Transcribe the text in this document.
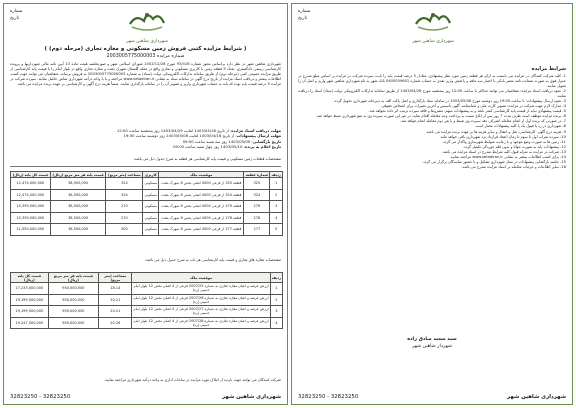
شماره
تاریخ
شهرداری شاهین شهر
( شرایط مزایده کتبی فروش زمین مسکونی و مغازه تجاری (مرحله دوم) )
شماره مزایده 2003005775000003
شهرداری شاهین شهر در نظر دارد براساس مجوز شماره 93/416 مورخ 1402/12/28 شورای اسلامی شهر و صورتجلسه هیئت ماده 13 آیین نامه مالی شهرداریها و پرونده کارشناسی رسمی دادگستری، تعداد 5 قطعه زمین با کاربری مسکونی و تجاری واقع در محله گلستان شهرک بعثت و مغازه تجاری واقع در بلوار امام را با قیمت پایه کارشناسی از طریق مزایده عمومی کتبی (مرحله دوم) از طریق سامانه تدارکات الکترونیکی دولت (ستاد) به شماره 2003005775000003 به فروش برساند. متقاضیان می توانند جهت کسب اطلاعات بیشتر و دریافت اسناد مزایده از تاریخ درج آگهی در سامانه ستاد به نشانی www.setadiran.ir مراجعه و یا با واحد درآمد شهرداری تماس حاصل نمایند. سپرده شرکت در مزایده 5 درصد قیمت پایه بوده که باید به حساب شهرداری واریز و تصویر آن را در سامانه بارگذاری نمایند. ضمناً هزینه درج آگهی و کارشناسی بر عهده برنده مزایده می باشد.
مهلت دریافت اسناد مزایده: از تاریخ 1403/04/18 لغایت 1403/04/29 روز پنجشنبه ساعت 12:00
مهلت ارسال پیشنهادات: از تاریخ 1403/04/18 لغایت 1403/05/08 روز دوشنبه ساعت 19:00
تاریخ بازگشایی: 1403/05/09 روز سه شنبه ساعت 09:00
تاریخ اعلام به برنده: 1403/05/10 روز چهار شنبه ساعت 09:00
مشخصات قطعات زمین مسکونی و قیمت پایه کارشناسی هر قطعه به شرح جدول ذیل می باشد:
ردیف	شماره قطعه	موقعیت ملک	کاربری	مساحت (متر مربع)	قیمت پایه هر متر مربع (ریال)	قیمت کل پایه (ریال)
1	325	قطعه 325 از فرعی 4000 اصلی بخش 6 شهرک بعثت	مسکونی	324	38,500,000	12,474,000,000
2	324	قطعه 324 از فرعی 4000 اصلی بخش 6 شهرک بعثت	مسکونی	324	38,500,000	12,474,000,000
3	279	قطعه 279 از فرعی 4000 اصلی بخش 6 شهرک بعثت	مسکونی	270	38,500,000	10,395,000,000
4	278	قطعه 278 از فرعی 4000 اصلی بخش 6 شهرک بعثت	مسکونی	270	38,500,000	10,395,000,000
5	277	قطعه 277 از فرعی 4000 اصلی بخش 6 شهرک بعثت	مسکونی	300	38,500,000	11,550,000,000
مشخصات مغازه های تجاری و قیمت پایه کارشناسی هر باب به شرح جدول ذیل می باشد:
ردیف	موقعیت ملک	مساحت (متر مربع)	قیمت پایه هر متر مربع (ریال)	قیمت کل پایه (ریال)
1	ارزش عرصه و اعیان مغازه تجاری به شماره 2007/25 فرعی از 4 اصلی بخش 12 بلوار امام خمینی (ره)	18.14	950,000,000	17,233,000,000
2	ارزش عرصه و اعیان مغازه تجاری به شماره 2007/26 فرعی از 4 اصلی بخش 12 بلوار امام خمینی (ره)	20.21	950,000,000	19,199,500,000
3	ارزش عرصه و اعیان مغازه تجاری به شماره 2007/27 فرعی از 4 اصلی بخش 12 بلوار امام خمینی (ره)	20.21	950,000,000	19,199,500,000
4	ارزش عرصه و اعیان مغازه تجاری به شماره 2007/28 فرعی از 4 اصلی بخش 12 بلوار امام خمینی (ره)	20.26	950,000,000	19,247,000,000
شرکت کنندگان می توانند جهت بازدید از املاک مورد مزایده در ساعات اداری به واحد درآمد شهرداری مراجعه نمایند.
شهرداری شاهین شهر
32823250 - 32823250
شماره
تاریخ
شهرداری شاهین شهر
شرایط مزایده
1- کلیه شرکت کنندگان در مزایده می بایست به ازای هر قطعه زمین مورد نظر پیشنهادی، معادل 5 درصد قیمت پایه را بابت سپرده شرکت در مزایده بر اساس مبلغ مندرج در جدول فوق به صورت ضمانت نامه معتبر بانکی یا اختیار سه ماهه و یا فیش واریز نقدی به حساب شماره 0405059601 بانک شهر به نام شهرداری شاهین شهر واریز و اصل آن را تحویل نمایند.
2- نحوه دریافت اسناد مزایده: متقاضیان می توانند حداکثر تا ساعت 12:00 روز پنجشنبه مورخ 1403/04/28 از طریق سامانه تدارکات الکترونیکی دولت (ستاد) اسناد را دریافت نمایند.
3- نحوه ارسال پیشنهادات: تا ساعت 19:00 روز دوشنبه مورخ 1403/05/08 در سامانه ستاد بارگذاری و اصل پاکت الف به دبیرخانه شهرداری تحویل گردد.
4- مدارک لازم جهت شرکت در مزایده: تصویر کارت ملی و شناسنامه، آگهی تأسیس و آخرین تغییرات برای اشخاص حقوقی.
5- قیمت پیشنهادی نباید از قیمت پایه کارشناسی کمتر باشد و به پیشنهادات مبهم، مشروط و فاقد سپرده ترتیب اثر داده نخواهد شد.
6- برنده مزایده موظف است ظرف مدت 7 روز پس از ابلاغ نسبت به پرداخت وجه معامله اقدام نماید، در غیر این صورت سپرده وی به نفع شهرداری ضبط خواهد شد.
7- در صورتی که برنده اول از انجام معامله انصراف دهد سپرده وی ضبط و با نفر دوم معامله انجام خواهد شد.
8- شهرداری در رد یا قبول یک یا کلیه پیشنهادات مختار است.
9- هزینه درج آگهی، کارشناسی، نقل و انتقال و سایر هزینه ها بر عهده برنده مزایده می باشد.
10- سپرده نفرات اول تا سوم تا زمان انعقاد قرارداد نزد شهرداری باقی خواهد ماند.
11- زمین ها به صورت وضع موجود و با رعایت ضوابط شهرسازی واگذار می گردد.
12- پیشنهادات باید به صورت خوانا و بدون قلم خوردگی تکمیل گردد.
13- شرکت در مزایده به منزله قبول کلیه شرایط مندرج در اسناد مزایده می باشد.
14- برای کسب اطلاعات بیشتر به نشانی www.setadiran.ir مراجعه نمایید.
15- جلسه بازگشایی پیشنهادات در محل شهرداری تشکیل و با حضور نمایندگان برگزار می گردد.
16- سایر اطلاعات و جزئیات معامله در اسناد مزایده مندرج می باشد.
سید سعید صادق زاده
شهردار شاهین شهر
شهرداری شاهین شهر
32823250 - 32823250
